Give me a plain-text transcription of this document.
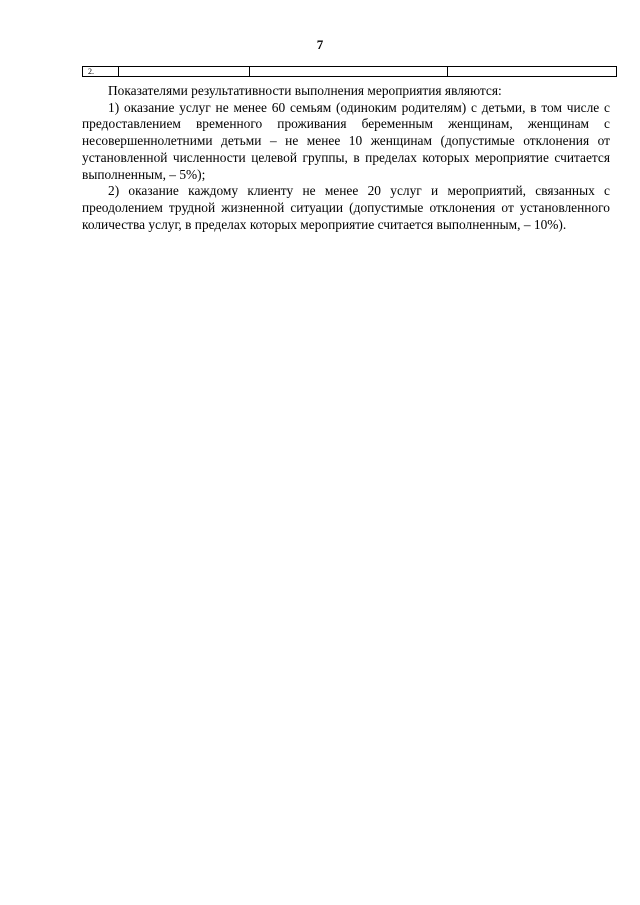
7
2.			

Показателями результативности выполнения мероприятия являются:

1) оказание услуг не менее 60 семьям (одиноким родителям) с детьми, в том числе с предоставлением временного проживания беременным женщинам, женщинам с несовершеннолетними детьми – не менее 10 женщинам (допустимые отклонения от установленной численности целевой группы, в пределах которых мероприятие считается выполненным, – 5%);

2) оказание каждому клиенту не менее 20 услуг и мероприятий, связанных с преодолением трудной жизненной ситуации (допустимые отклонения от установленного количества услуг, в пределах которых мероприятие считается выполненным, – 10%).
